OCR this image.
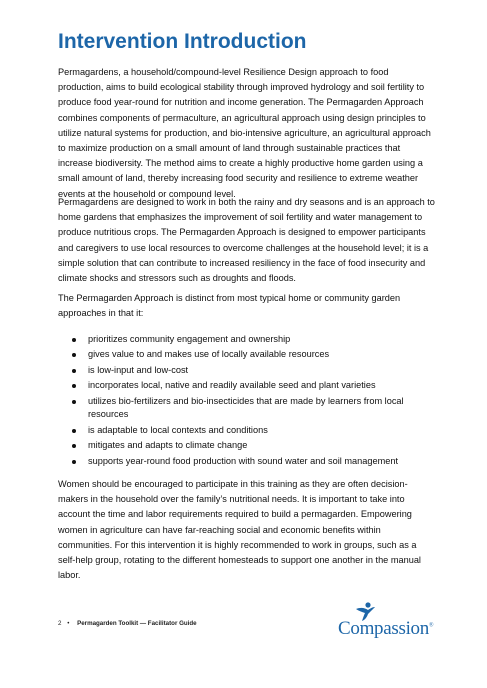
Intervention Introduction

Permagardens, a household/compound-level Resilience Design approach to food production, aims to build ecological stability through improved hydrology and soil fertility to produce food year-round for nutrition and income generation. The Permagarden Approach combines components of permaculture, an agricultural approach using design principles to utilize natural systems for production, and bio-intensive agriculture, an agricultural approach to maximize production on a small amount of land through sustainable practices that increase biodiversity. The method aims to create a highly productive home garden using a small amount of land, thereby increasing food security and resilience to extreme weather events at the household or compound level.

Permagardens are designed to work in both the rainy and dry seasons and is an approach to home gardens that emphasizes the improvement of soil fertility and water management to produce nutritious crops. The Permagarden Approach is designed to empower participants and caregivers to use local resources to overcome challenges at the household level; it is a simple solution that can contribute to increased resiliency in the face of food insecurity and climate shocks and stressors such as droughts and floods.

The Permagarden Approach is distinct from most typical home or community garden approaches in that it:

prioritizes community engagement and ownership
gives value to and makes use of locally available resources
is low-input and low-cost
incorporates local, native and readily available seed and plant varieties
utilizes bio-fertilizers and bio-insecticides that are made by learners from local resources
is adaptable to local contexts and conditions
mitigates and adapts to climate change
supports year-round food production with sound water and soil management

Women should be encouraged to participate in this training as they are often decision-makers in the household over the family’s nutritional needs. It is important to take into account the time and labor requirements required to build a permagarden. Empowering women in agriculture can have far-reaching social and economic benefits within communities. For this intervention it is highly recommended to work in groups, such as a self-help group, rotating to the different homesteads to support one another in the manual labor.

2 • Permagarden Toolkit — Facilitator Guide	Compassion®
